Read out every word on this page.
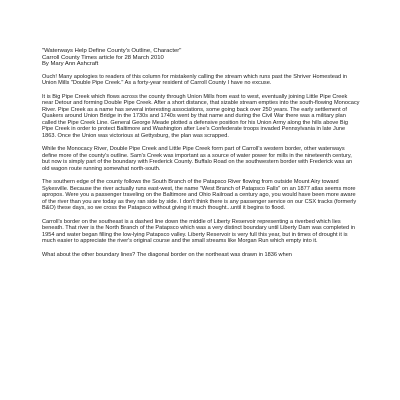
"Waterways Help Define County's Outline, Character"
Carroll County Times article for 28 March 2010
By Mary Ann Ashcraft

Ouch! Many apologies to readers of this column for mistakenly calling the stream which runs past the Shriver Homestead in Union Mills "Double Pipe Creek." As a forty-year resident of Carroll County I have no excuse.

It is Big Pipe Creek which flows across the county through Union Mills from east to west, eventually joining Little Pipe Creek near Detour and forming Double Pipe Creek. After a short distance, that sizable stream empties into the south-flowing Monocacy River. Pipe Creek as a name has several interesting associations, some going back over 250 years. The early settlement of Quakers around Union Bridge in the 1730s and 1740s went by that name and during the Civil War there was a military plan called the Pipe Creek Line. General George Meade plotted a defensive position for his Union Army along the hills above Big Pipe Creek in order to protect Baltimore and Washington after Lee's Confederate troops invaded Pennsylvania in late June 1863. Once the Union was victorious at Gettysburg, the plan was scrapped.

While the Monocacy River, Double Pipe Creek and Little Pipe Creek form part of Carroll's western border, other waterways define more of the county's outline. Sam's Creek was important as a source of water power for mills in the nineteenth century, but now is simply part of the boundary with Frederick County. Buffalo Road on the southwestern border with Frederick was an old wagon route running somewhat north-south.

The southern edge of the county follows the South Branch of the Patapsco River flowing from outside Mount Airy toward Sykesville. Because the river actually runs east-west, the name "West Branch of Patapsco Falls" on an 1877 atlas seems more apropos. Were you a passenger traveling on the Baltimore and Ohio Railroad a century ago, you would have been more aware of the river than you are today as they ran side by side. I don't think there is any passenger service on our CSX tracks (formerly B&O) these days, so we cross the Patapsco without giving it much thought...until it begins to flood.

Carroll's border on the southeast is a dashed line down the middle of Liberty Reservoir representing a riverbed which lies beneath. That river is the North Branch of the Patapsco which was a very distinct boundary until Liberty Dam was completed in 1954 and water began filling the low-lying Patapsco valley. Liberty Reservoir is very full this year, but in times of drought it is much easier to appreciate the river's original course and the small streams like Morgan Run which empty into it.

What about the other boundary lines? The diagonal border on the northeast was drawn in 1836 when
